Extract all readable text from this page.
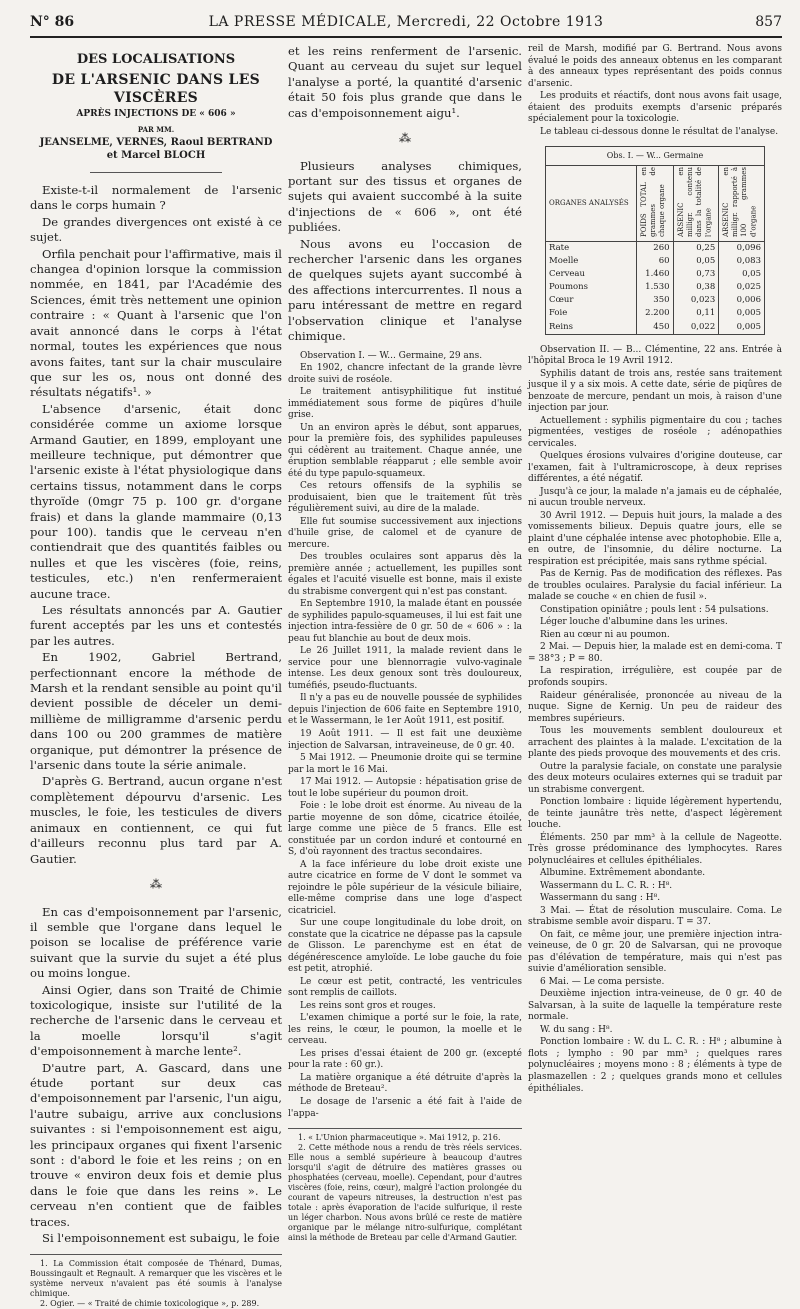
N° 86	LA PRESSE MÉDICALE, Mercredi, 22 Octobre 1913	857
DES LOCALISATIONS
DE L'ARSENIC DANS LES VISCÈRES
APRÈS INJECTIONS DE « 606 »
PAR MM.
JEANSELME, VERNES, Raoul BERTRAND
et Marcel BLOCH

Existe-t-il normalement de l'arsenic dans le corps humain ?

De grandes divergences ont existé à ce sujet.

Orfila penchait pour l'affirmative, mais il changea d'opinion lorsque la commission nommée, en 1841, par l'Académie des Sciences, émit très nettement une opinion contraire : « Quant à l'arsenic que l'on avait annoncé dans le corps à l'état normal, toutes les expériences que nous avons faites, tant sur la chair musculaire que sur les os, nous ont donné des résultats négatifs¹. »

L'absence d'arsenic, était donc considérée comme un axiome lorsque Armand Gautier, en 1899, employant une meilleure technique, put démontrer que l'arsenic existe à l'état physiologique dans certains tissus, notamment dans le corps thyroïde (0mgr 75 p. 100 gr. d'organe frais) et dans la glande mammaire (0,13 pour 100). tandis que le cerveau n'en contiendrait que des quantités faibles ou nulles et que les viscères (foie, reins, testicules, etc.) n'en renfermeraient aucune trace.

Les résultats annoncés par A. Gautier furent acceptés par les uns et contestés par les autres.

En 1902, Gabriel Bertrand, perfectionnant encore la méthode de Marsh et la rendant sensible au point qu'il devient possible de déceler un demi-millième de milligramme d'arsenic perdu dans 100 ou 200 grammes de matière organique, put démontrer la présence de l'arsenic dans toute la série animale.

D'après G. Bertrand, aucun organe n'est complètement dépourvu d'arsenic. Les muscles, le foie, les testicules de divers animaux en contiennent, ce qui fut d'ailleurs reconnu plus tard par A. Gautier.

⁂

En cas d'empoisonnement par l'arsenic, il semble que l'organe dans lequel le poison se localise de préférence varie suivant que la survie du sujet a été plus ou moins longue.

Ainsi Ogier, dans son Traité de Chimie toxicologique, insiste sur l'utilité de la recherche de l'arsenic dans le cerveau et la moelle lorsqu'il s'agit d'empoisonnement à marche lente².

D'autre part, A. Gascard, dans une étude portant sur deux cas d'empoisonnement par l'arsenic, l'un aigu, l'autre subaigu, arrive aux conclusions suivantes : si l'empoisonnement est aigu, les principaux organes qui fixent l'arsenic sont : d'abord le foie et les reins ; on en trouve « environ deux fois et demie plus dans le foie que dans les reins ». Le cerveau n'en contient que de faibles traces.

Si l'empoisonnement est subaigu, le foie

1. La Commission était composée de Thénard, Dumas, Boussingault et Regnault. A remarquer que les viscères et le système nerveux n'avaient pas été soumis à l'analyse chimique.

2. Ogier. — « Traité de chimie toxicologique », p. 289.

et les reins renferment de l'arsenic. Quant au cerveau du sujet sur lequel l'analyse a porté, la quantité d'arsenic était 50 fois plus grande que dans le cas d'empoisonnement aigu¹.

⁂

Plusieurs analyses chimiques, portant sur des tissus et organes de sujets qui avaient succombé à la suite d'injections de « 606 », ont été publiées.

Nous avons eu l'occasion de rechercher l'arsenic dans les organes de quelques sujets ayant succombé à des affections intercurrentes. Il nous a paru intéressant de mettre en regard l'observation clinique et l'analyse chimique.

Observation I. — W... Germaine, 29 ans.

En 1902, chancre infectant de la grande lèvre droite suivi de roséole.

Le traitement antisyphilitique fut institué immédiatement sous forme de piqûres d'huile grise.

Un an environ après le début, sont apparues, pour la première fois, des syphilides papuleuses qui cédèrent au traitement. Chaque année, une éruption semblable réapparut ; elle semble avoir été du type papulo-squameux.

Ces retours offensifs de la syphilis se produisaient, bien que le traitement fût très régulièrement suivi, au dire de la malade.

Elle fut soumise successivement aux injections d'huile grise, de calomel et de cyanure de mercure.

Des troubles oculaires sont apparus dès la première année ; actuellement, les pupilles sont égales et l'acuité visuelle est bonne, mais il existe du strabisme convergent qui n'est pas constant.

En Septembre 1910, la malade étant en poussée de syphilides papulo-squameuses, il lui est fait une injection intra-fessière de 0 gr. 50 de « 606 » : la peau fut blanchie au bout de deux mois.

Le 26 Juillet 1911, la malade revient dans le service pour une blennorragie vulvo-vaginale intense. Les deux genoux sont très douloureux, tuméfiés, pseudo-fluctuants.

Il n'y a pas eu de nouvelle poussée de syphilides depuis l'injection de 606 faite en Septembre 1910, et le Wassermann, le 1er Août 1911, est positif.

19 Août 1911. — Il est fait une deuxième injection de Salvarsan, intraveineuse, de 0 gr. 40.

5 Mai 1912. — Pneumonie droite qui se termine par la mort le 16 Mai.

17 Mai 1912. — Autopsie : hépatisation grise de tout le lobe supérieur du poumon droit.

Foie : le lobe droit est énorme. Au niveau de la partie moyenne de son dôme, cicatrice étoilée, large comme une pièce de 5 francs. Elle est constituée par un cordon induré et contourné en S, d'où rayonnent des tractus secondaires.

A la face inférieure du lobe droit existe une autre cicatrice en forme de V dont le sommet va rejoindre le pôle supérieur de la vésicule biliaire, elle-même comprise dans une loge d'aspect cicatriciel.

Sur une coupe longitudinale du lobe droit, on constate que la cicatrice ne dépasse pas la capsule de Glisson. Le parenchyme est en état de dégénérescence amyloïde. Le lobe gauche du foie est petit, atrophié.

Le cœur est petit, contracté, les ventricules sont remplis de caillots.

Les reins sont gros et rouges.

L'examen chimique a porté sur le foie, la rate, les reins, le cœur, le poumon, la moelle et le cerveau.

Les prises d'essai étaient de 200 gr. (excepté pour la rate : 60 gr.).

La matière organique a été détruite d'après la méthode de Breteau².

Le dosage de l'arsenic a été fait à l'aide de l'appa-

1. « L'Union pharmaceutique ». Mai 1912, p. 216.

2. Cette méthode nous a rendu de très réels services. Elle nous a semblé supérieure à beaucoup d'autres lorsqu'il s'agit de détruire des matières grasses ou phosphatées (cerveau, moelle). Cependant, pour d'autres viscères (foie, reins, cœur), malgré l'action prolongée du courant de vapeurs nitreuses, la destruction n'est pas totale : après évaporation de l'acide sulfurique, il reste un léger charbon. Nous avons brûlé ce reste de matière organique par le mélange nitro-sulfurique, complétant ainsi la méthode de Breteau par celle d'Armand Gautier.

reil de Marsh, modifié par G. Bertrand. Nous avons évalué le poids des anneaux obtenus en les comparant à des anneaux types représentant des poids connus d'arsenic.

Les produits et réactifs, dont nous avons fait usage, étaient des produits exempts d'arsenic préparés spécialement pour la toxicologie.

Le tableau ci-dessous donne le résultat de l'analyse.

Obs. I. — W... Germaine			
ORGANES ANALYSÉS	POIDS TOTAL en grammes de chaque organe	ARSENIC en milligr. contenu dans la totalité de l'organe	ARSENIC en milligr. rapporté à 100 grammes d'organe
Rate	260	0,25	0,096
Moelle	60	0,05	0,083
Cerveau	1.460	0,73	0,05
Poumons	1.530	0,38	0,025
Cœur	350	0,023	0,006
Foie	2.200	0,11	0,005
Reins	450	0,022	0,005

Observation II. — B... Clémentine, 22 ans. Entrée à l'hôpital Broca le 19 Avril 1912.

Syphilis datant de trois ans, restée sans traitement jusque il y a six mois. A cette date, série de piqûres de benzoate de mercure, pendant un mois, à raison d'une injection par jour.

Actuellement : syphilis pigmentaire du cou ; taches pigmentées, vestiges de roséole ; adénopathies cervicales.

Quelques érosions vulvaires d'origine douteuse, car l'examen, fait à l'ultramicroscope, à deux reprises différentes, a été négatif.

Jusqu'à ce jour, la malade n'a jamais eu de céphalée, ni aucun trouble nerveux.

30 Avril 1912. — Depuis huit jours, la malade a des vomissements bilieux. Depuis quatre jours, elle se plaint d'une céphalée intense avec photophobie. Elle a, en outre, de l'insomnie, du délire nocturne. La respiration est précipitée, mais sans rythme spécial.

Pas de Kernig. Pas de modification des réflexes. Pas de troubles oculaires. Paralysie du facial inférieur. La malade se couche « en chien de fusil ».

Constipation opiniâtre ; pouls lent : 54 pulsations.

Léger louche d'albumine dans les urines.

Rien au cœur ni au poumon.

2 Mai. — Depuis hier, la malade est en demi-coma. T = 38°3 ; P = 80.

La respiration, irrégulière, est coupée par de profonds soupirs.

Raideur généralisée, prononcée au niveau de la nuque. Signe de Kernig. Un peu de raideur des membres supérieurs.

Tous les mouvements semblent douloureux et arrachent des plaintes à la malade. L'excitation de la plante des pieds provoque des mouvements et des cris.

Outre la paralysie faciale, on constate une paralysie des deux moteurs oculaires externes qui se traduit par un strabisme convergent.

Ponction lombaire : liquide légèrement hypertendu, de teinte jaunâtre très nette, d'aspect légèrement louche.

Éléments. 250 par mm³ à la cellule de Nageotte. Très grosse prédominance des lymphocytes. Rares polynucléaires et cellules épithéliales.

Albumine. Extrêmement abondante.

Wassermann du L. C. R. : H⁸.

Wassermann du sang : H⁸.

3 Mai. — État de résolution musculaire. Coma. Le strabisme semble avoir disparu. T = 37.

On fait, ce même jour, une première injection intra-veineuse, de 0 gr. 20 de Salvarsan, qui ne provoque pas d'élévation de température, mais qui n'est pas suivie d'amélioration sensible.

6 Mai. — Le coma persiste.

Deuxième injection intra-veineuse, de 0 gr. 40 de Salvarsan, à la suite de laquelle la température reste normale.

W. du sang : H⁸.

Ponction lombaire : W. du L. C. R. : H⁸ ; albumine à flots ; lympho : 90 par mm³ ; quelques rares polynucléaires ; moyens mono : 8 ; éléments à type de plasmazellen : 2 ; quelques grands mono et cellules épithéliales.
